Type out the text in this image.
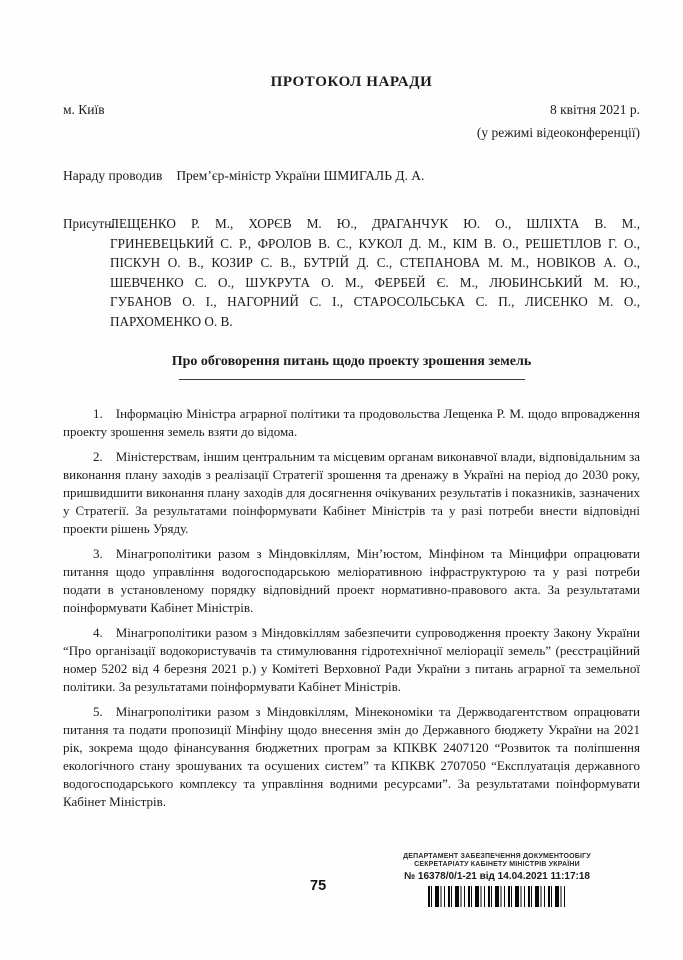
ПРОТОКОЛ НАРАДИ
м. Київ	8 квітня 2021 р.
(у режимі відеоконференції)
Нараду проводив Прем’єр-міністр України ШМИГАЛЬ Д. А.
Присутні:
ЛЕЩЕНКО Р. М., ХОРЄВ М. Ю., ДРАГАНЧУК Ю. О., ШЛІХТА В. М., ГРИНЕВЕЦЬКИЙ С. Р., ФРОЛОВ В. С., КУКОЛ Д. М., КІМ В. О., РЕШЕТІЛОВ Г. О., ПІСКУН О. В., КОЗИР С. В., БУТРІЙ Д. С., СТЕПАНОВА М. М., НОВІКОВ А. О., ШЕВЧЕНКО С. О., ШУКРУТА О. М., ФЕРБЕЙ Є. М., ЛЮБИНСЬКИЙ М. Ю., ГУБАНОВ О. І., НАГОРНИЙ С. І., СТАРОСОЛЬСЬКА С. П., ЛИСЕНКО М. О., ПАРХОМЕНКО О. В.
Про обговорення питань щодо проекту зрошення земель

1. Інформацію Міністра аграрної політики та продовольства Лещенка Р. М. щодо впровадження проекту зрошення земель взяти до відома.

2. Міністерствам, іншим центральним та місцевим органам виконавчої влади, відповідальним за виконання плану заходів з реалізації Стратегії зрошення та дренажу в Україні на період до 2030 року, пришвидшити виконання плану заходів для досягнення очікуваних результатів і показників, зазначених у Стратегії. За результатами поінформувати Кабінет Міністрів та у разі потреби внести відповідні проекти рішень Уряду.

3. Мінагрополітики разом з Міндовкіллям, Мін’юстом, Мінфіном та Мінцифри опрацювати питання щодо управління водогосподарською меліоративною інфраструктурою та у разі потреби подати в установленому порядку відповідний проект нормативно-правового акта. За результатами поінформувати Кабінет Міністрів.

4. Мінагрополітики разом з Міндовкіллям забезпечити супроводження проекту Закону України “Про організації водокористувачів та стимулювання гідротехнічної меліорації земель” (реєстраційний номер 5202 від 4 березня 2021 р.) у Комітеті Верховної Ради України з питань аграрної та земельної політики. За результатами поінформувати Кабінет Міністрів.

5. Мінагрополітики разом з Міндовкіллям, Мінекономіки та Держводагентством опрацювати питання та подати пропозиції Мінфіну щодо внесення змін до Державного бюджету України на 2021 рік, зокрема щодо фінансування бюджетних програм за КПКВК 2407120 “Розвиток та поліпшення екологічного стану зрошуваних та осушених систем” та КПКВК 2707050 “Експлуатація державного водогосподарського комплексу та управління водними ресурсами”. За результатами поінформувати Кабінет Міністрів.

75
ДЕПАРТАМЕНТ ЗАБЕЗПЕЧЕННЯ ДОКУМЕНТООБІГУ
СЕКРЕТАРІАТУ КАБІНЕТУ МІНІСТРІВ УКРАЇНИ
№ 16378/0/1-21 від 14.04.2021 11:17:18
